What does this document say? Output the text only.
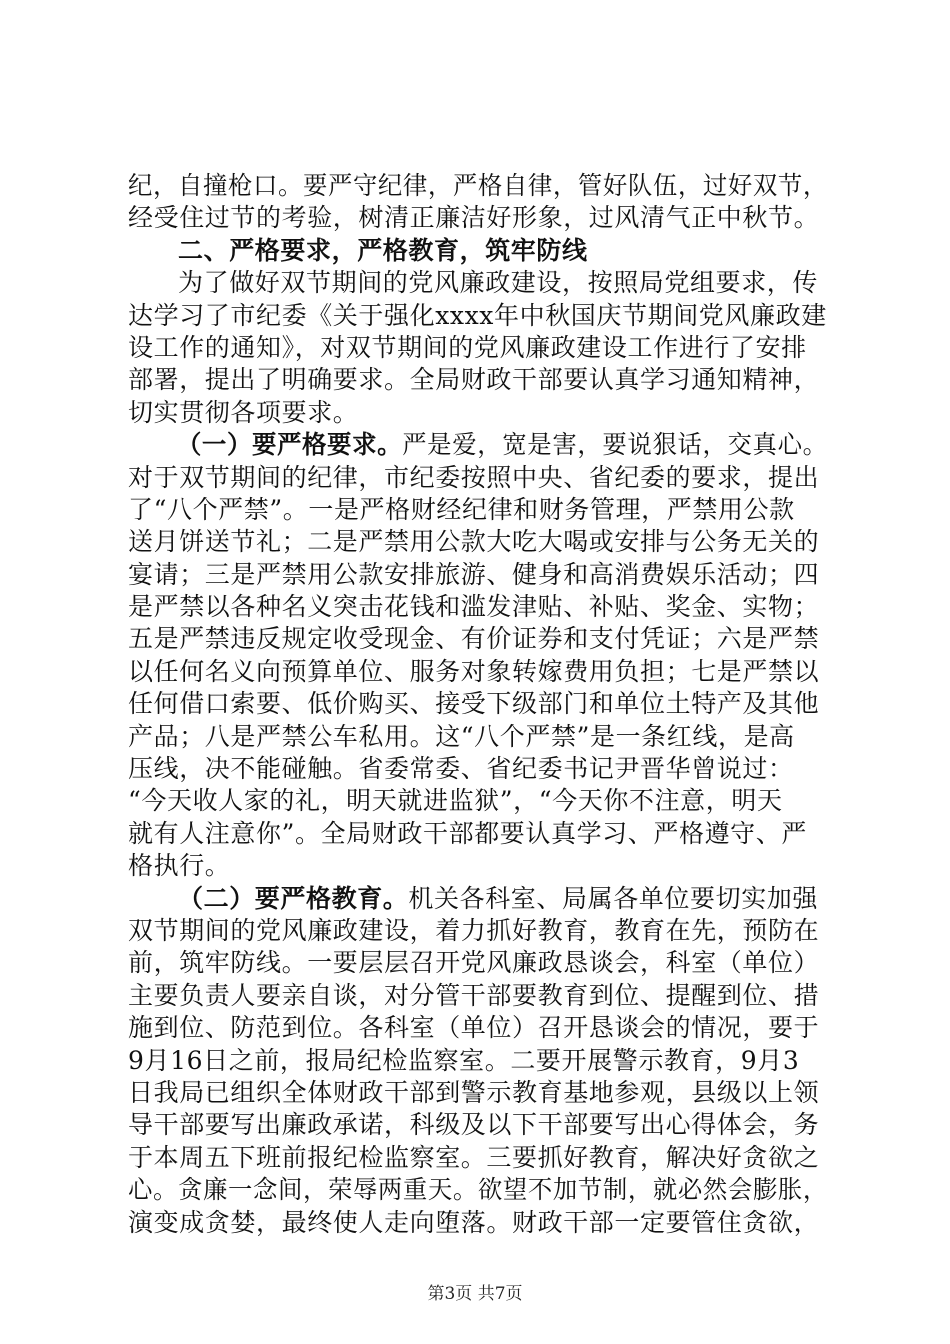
纪，自撞枪口。要严守纪律，严格自律，管好队伍，过好双节，
经受住过节的考验，树清正廉洁好形象，过风清气正中秋节。
二、严格要求，严格教育，筑牢防线
为了做好双节期间的党风廉政建设，按照局党组要求，传
达学习了市纪委《关于强化xxxx年中秋国庆节期间党风廉政建
设工作的通知》，对双节期间的党风廉政建设工作进行了安排
部署，提出了明确要求。全局财政干部要认真学习通知精神，
切实贯彻各项要求。
（一）要严格要求。严是爱，宽是害，要说狠话，交真心。
对于双节期间的纪律，市纪委按照中央、省纪委的要求，提出
了“八个严禁”。一是严格财经纪律和财务管理，严禁用公款
送月饼送节礼；二是严禁用公款大吃大喝或安排与公务无关的
宴请；三是严禁用公款安排旅游、健身和高消费娱乐活动；四
是严禁以各种名义突击花钱和滥发津贴、补贴、奖金、实物；
五是严禁违反规定收受现金、有价证券和支付凭证；六是严禁
以任何名义向预算单位、服务对象转嫁费用负担；七是严禁以
任何借口索要、低价购买、接受下级部门和单位土特产及其他
产品；八是严禁公车私用。这“八个严禁”是一条红线，是高
压线，决不能碰触。省委常委、省纪委书记尹晋华曾说过：
“今天收人家的礼，明天就进监狱”，“今天你不注意，明天
就有人注意你”。全局财政干部都要认真学习、严格遵守、严
格执行。
（二）要严格教育。机关各科室、局属各单位要切实加强
双节期间的党风廉政建设，着力抓好教育，教育在先，预防在
前，筑牢防线。一要层层召开党风廉政恳谈会，科室（单位）
主要负责人要亲自谈，对分管干部要教育到位、提醒到位、措
施到位、防范到位。各科室（单位）召开恳谈会的情况，要于
9月16日之前，报局纪检监察室。二要开展警示教育，9月3
日我局已组织全体财政干部到警示教育基地参观，县级以上领
导干部要写出廉政承诺，科级及以下干部要写出心得体会，务
于本周五下班前报纪检监察室。三要抓好教育，解决好贪欲之
心。贪廉一念间，荣辱两重天。欲望不加节制，就必然会膨胀，
演变成贪婪，最终使人走向堕落。财政干部一定要管住贪欲，
第3页 共7页
